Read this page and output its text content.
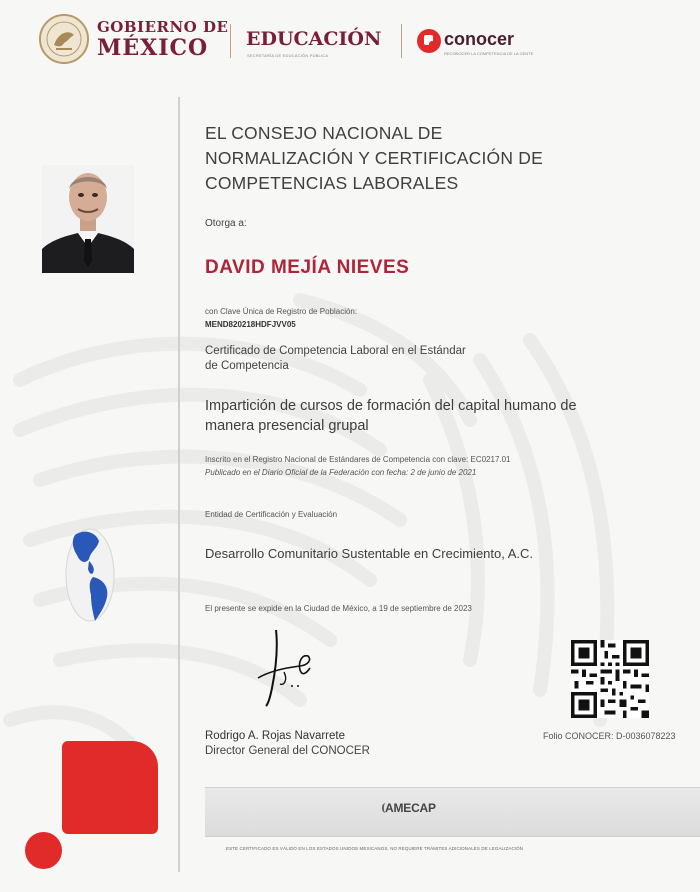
GOBIERNO DE
MÉXICO	EDUCACIÓN
SECRETARÍA DE EDUCACIÓN PÚBLICA
conocer
RECONOCER LA COMPETENCIA DE LA GENTE
EL CONSEJO NACIONAL DE
NORMALIZACIÓN Y CERTIFICACIÓN DE
COMPETENCIAS LABORALES
Otorga a:
DAVID MEJÍA NIEVES
con Clave Única de Registro de Población:
MEND820218HDFJVV05
Certificado de Competencia Laboral en el Estándar
de Competencia
Impartición de cursos de formación del capital humano de
manera presencial grupal
Inscrito en el Registro Nacional de Estándares de Competencia con clave: EC0217.01
Publicado en el Diario Oficial de la Federación con fecha: 2 de junio de 2021
Entidad de Certificación y Evaluación
Desarrollo Comunitario Sustentable en Crecimiento, A.C.
El presente se expide en la Ciudad de México, a 19 de septiembre de 2023
Rodrigo A. Rojas Navarrete
Director General del CONOCER
Folio CONOCER: D-0036078223
AMECAP
ESTE CERTIFICADO ES VÁLIDO EN LOS ESTADOS UNIDOS MEXICANOS, NO REQUIERE TRÁMITES ADICIONALES DE LEGALIZACIÓN
